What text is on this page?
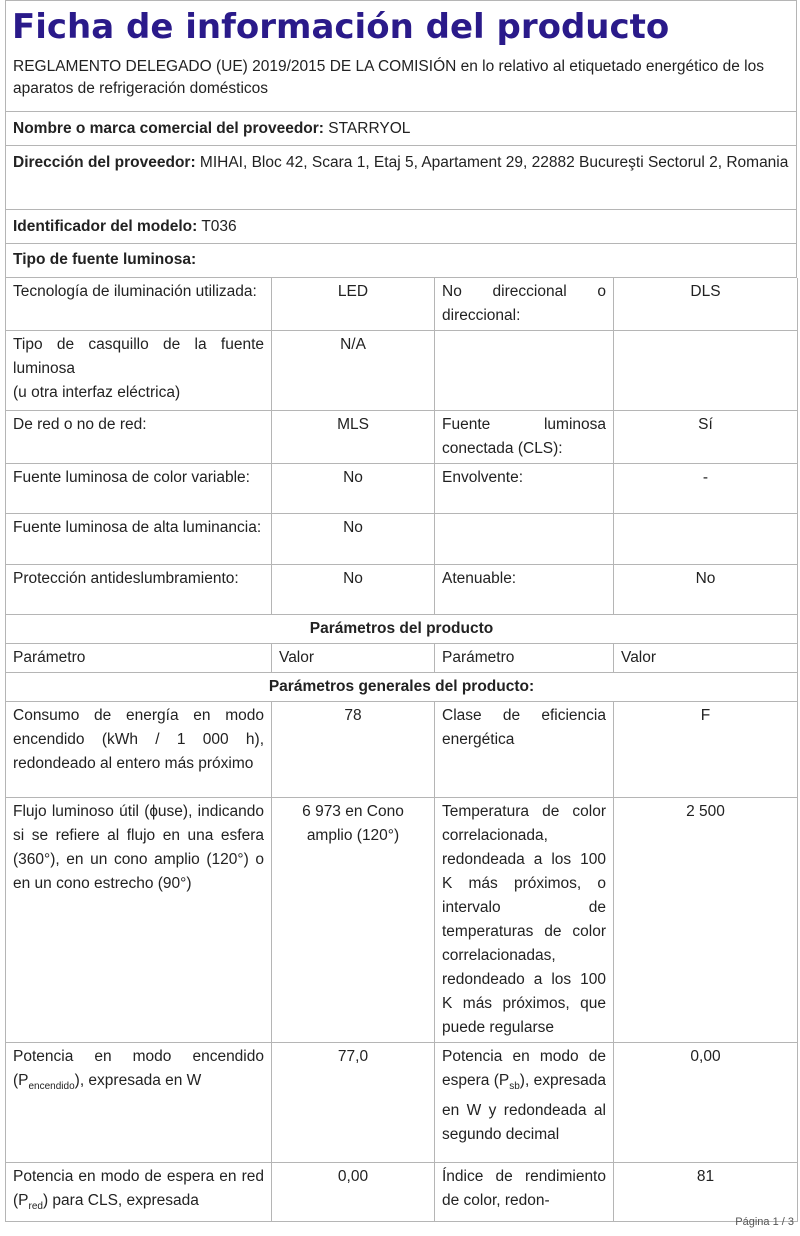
Ficha de información del producto
REGLAMENTO DELEGADO (UE) 2019/2015 DE LA COMISIÓN en lo relativo al etiquetado energético de los aparatos de refrigeración domésticos
Nombre o marca comercial del proveedor: STARRYOL
Dirección del proveedor: MIHAI, Bloc 42, Scara 1, Etaj 5, Apartament 29, 22882 Bucureşti Sectorul 2, Romania
Identificador del modelo: T036
Tipo de fuente luminosa:
Tecnología de iluminación utilizada:	LED	No direccional o direccional:	DLS

Tipo de casquillo de la fuente luminosa
(u otra interfaz eléctrica)	N/A		
De red o no de red:	MLS	Fuente luminosa conectada (CLS):	Sí
Fuente luminosa de color variable:	No	Envolvente:	-
Fuente luminosa de alta luminancia:	No		
Protección antideslumbramiento:	No	Atenuable:	No
Parámetros del producto			
Parámetro	Valor	Parámetro	Valor
Parámetros generales del producto:			
Consumo de energía en modo encendido (kWh / 1 000 h), redondeado al entero más próximo	78	Clase de eficiencia energética	F
Flujo luminoso útil (ɸuse), indicando si se refiere al flujo en una esfera (360°), en un cono amplio (120°) o en un cono estrecho (90°)	6 973 en Cono amplio (120°)	Temperatura de color correlacionada, redondeada a los 100 K más próximos, o intervalo de temperaturas de color correlacionadas, redondeado a los 100 K más próximos, que puede regularse	2 500
Potencia en modo encendido $(P_{encendido})$, expresada en W	77,0	Potencia en modo de espera $(P_{sb})$, expresada en W y redondeada al segundo decimal	0,00
Potencia en modo de espera en red $(P_{red})$ para CLS, expresada	0,00	Índice de rendimiento de color, redon-	81
Página 1 / 3
